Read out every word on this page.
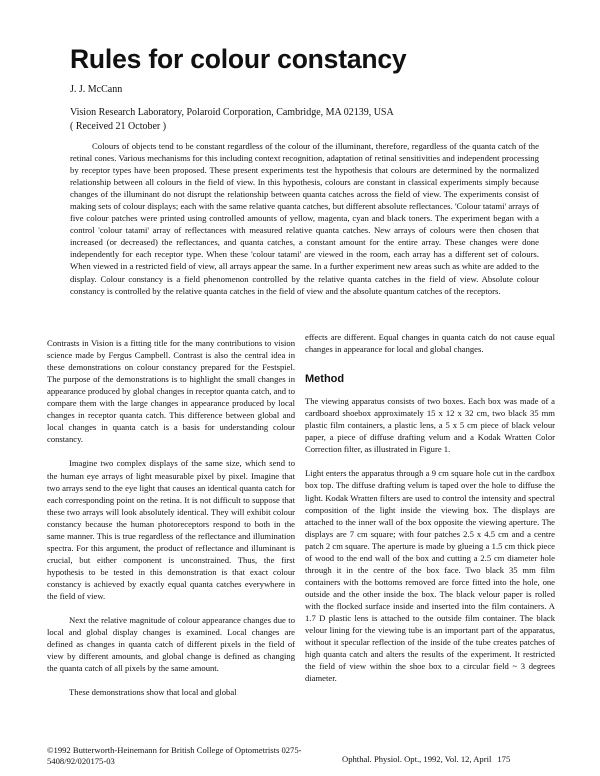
Rules for colour constancy
J. J. McCann
Vision Research Laboratory, Polaroid Corporation, Cambridge, MA 02139, USA
( Received 21 October )

Colours of objects tend to be constant regardless of the colour of the illuminant, therefore, regardless of the quanta catch of the retinal cones. Various mechanisms for this including context recognition, adaptation of retinal sensitivities and independent processing by receptor types have been proposed. These present experiments test the hypothesis that colours are determined by the normalized relationship between all colours in the field of view. In this hypothesis, colours are constant in classical experiments simply because changes of the illuminant do not disrupt the relationship between quanta catches across the field of view. The experiments consist of making sets of colour displays; each with the same relative quanta catches, but different absolute reflectances. 'Colour tatami' arrays of five colour patches were printed using controlled amounts of yellow, magenta, cyan and black toners. The experiment began with a control 'colour tatami' array of reflectances with measured relative quanta catches. New arrays of colours were then chosen that increased (or decreased) the reflectances, and quanta catches, a constant amount for the entire array. These changes were done independently for each receptor type. When these 'colour tatami' are viewed in the room, each array has a different set of colours. When viewed in a restricted field of view, all arrays appear the same. In a further experiment new areas such as white are added to the display. Colour constancy is a field phenomenon controlled by the relative quanta catches in the field of view. Absolute colour constancy is controlled by the relative quanta catches in the field of view and the absolute quantum catches of the receptors.

Contrasts in Vision is a fitting title for the many contributions to vision science made by Fergus Campbell. Contrast is also the central idea in these demonstrations on colour constancy prepared for the Festspiel. The purpose of the demonstrations is to highlight the small changes in appearance produced by global changes in receptor quanta catch, and to compare them with the large changes in appearance produced by local changes in receptor quanta catch. This difference between global and local changes in quanta catch is a basis for understanding colour constancy.

Imagine two complex displays of the same size, which send to the human eye arrays of light measurable pixel by pixel. Imagine that two arrays send to the eye light that causes an identical quanta catch for each corresponding point on the retina. It is not difficult to suppose that these two arrays will look absolutely identical. They will exhibit colour constancy because the human photoreceptors respond to both in the same manner. This is true regardless of the reflectance and illumination spectra. For this argument, the product of reflectance and illuminant is crucial, but either component is unconstrained. Thus, the first hypothesis to be tested in this demonstration is that exact colour constancy is achieved by exactly equal quanta catches everywhere in the field of view.

Next the relative magnitude of colour appearance changes due to local and global display changes is examined. Local changes are defined as changes in quanta catch of different pixels in the field of view by different amounts, and global change is defined as changing the quanta catch of all pixels by the same amount.

These demonstrations show that local and global

effects are different. Equal changes in quanta catch do not cause equal changes in appearance for local and global changes.

Method

The viewing apparatus consists of two boxes. Each box was made of a cardboard shoebox approximately 15 x 12 x 32 cm, two black 35 mm plastic film containers, a plastic lens, a 5 x 5 cm piece of black velour paper, a piece of diffuse drafting velum and a Kodak Wratten Color Correction filter, as illustrated in Figure 1.

Light enters the apparatus through a 9 cm square hole cut in the cardbox box top. The diffuse drafting velum is taped over the hole to diffuse the light. Kodak Wratten filters are used to control the intensity and spectral composition of the light inside the viewing box. The displays are attached to the inner wall of the box opposite the viewing aperture. The displays are 7 cm square; with four patches 2.5 x 4.5 cm and a centre patch 2 cm square. The aperture is made by glueing a 1.5 cm thick piece of wood to the end wall of the box and cutting a 2.5 cm diameter hole through it in the centre of the box face. Two black 35 mm film containers with the bottoms removed are force fitted into the hole, one outside and the other inside the box. The black velour paper is rolled with the flocked surface inside and inserted into the film containers. A 1.7 D plastic lens is attached to the outside film container. The black velour lining for the viewing tube is an important part of the apparatus, without it specular reflection of the inside of the tube creates patches of high quanta catch and alters the results of the experiment. It restricted the field of view within the shoe box to a circular field ~ 3 degrees diameter.

©1992 Butterworth-Heinemann for British College of Optometrists 0275-5408/92/020175-03	Ophthal. Physiol. Opt., 1992, Vol. 12, April 175
